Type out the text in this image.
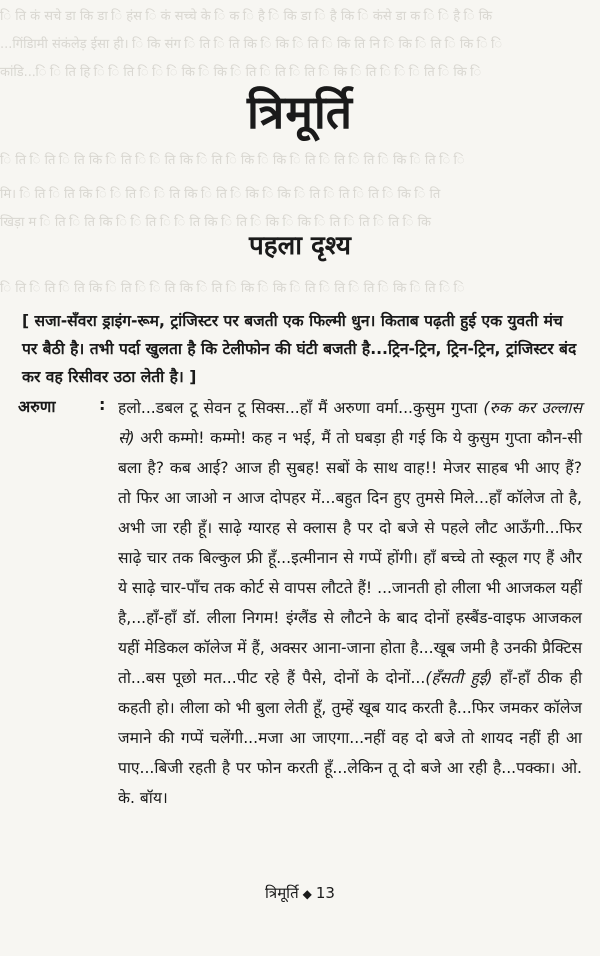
ि ति कं सचे डा कि डा ि हंस ि कं सच्चे के ि क ि है ि कि डा ि है कि ि कंसे डा क ि ि है ि कि
...गिंडिामी संकंलेड़ ईसा ही। ि कि संग ि ति ि ति कि ि कि ि ति ि कि ति नि ि कि ि ति ि कि ि ि
कांडि...ि ि ति हि ि ि ति ि ि ि कि ि कि ि ति ि ति ि ति ि कि ि ति ि ि ि ति ि कि ि
ि ति ि ति ि ति कि ि ति ि ि ति कि ि ति ि कि ि कि ि ति ि ति ि ति ि कि ि ति ि ि
मि। ि ति ि ति कि ि ि ति ि ि ति कि ि ति ि कि ि कि ि ति ि ति ि ति ि कि ि ति
खिड़ा म ि ति ि ति कि ि ि ति ि ि ति कि ि ति ि कि ि कि ि ति ि ति ि ति ि कि
ि ति ि ति ि ति कि ि ति ि ि ति कि ि ति ि कि ि कि ि ति ि ति ि ति ि कि ि ति ि ि
त्रिमूर्ति
पहला दृश्य
[ सजा-सँवरा ड्राइंग-रूम, ट्रांजिस्टर पर बजती एक फिल्मी धुन। किताब पढ़ती हुई एक युवती मंच पर बैठी है। तभी पर्दा खुलता है कि टेलीफोन की घंटी बजती है...ट्रिन-ट्रिन, ट्रिन-ट्रिन, ट्रांजिस्टर बंद कर वह रिसीवर उठा लेती है। ]
अरुणा	: हलो...डबल टू सेवन टू सिक्स...हाँ मैं अरुणा वर्मा...कुसुम गुप्ता (रुक कर उल्लास से) अरी कम्मो! कम्मो! कह न भई, मैं तो घबड़ा ही गई कि ये कुसुम गुप्ता कौन-सी बला है? कब आई? आज ही सुबह! सबों के साथ वाह!! मेजर साहब भी आए हैं? तो फिर आ जाओ न आज दोपहर में...बहुत दिन हुए तुमसे मिले...हाँ कॉलेज तो है, अभी जा रही हूँ। साढ़े ग्यारह से क्लास है पर दो बजे से पहले लौट आऊँगी...फिर साढ़े चार तक बिल्कुल फ्री हूँ...इत्मीनान से गप्पें होंगी। हाँ बच्चे तो स्कूल गए हैं और ये साढ़े चार-पाँच तक कोर्ट से वापस लौटते हैं! ...जानती हो लीला भी आजकल यहीं है,...हाँ-हाँ डॉ. लीला निगम! इंग्लैंड से लौटने के बाद दोनों हस्बैंड-वाइफ आजकल यहीं मेडिकल कॉलेज में हैं, अक्सर आना-जाना होता है...खूब जमी है उनकी प्रैक्टिस तो...बस पूछो मत...पीट रहे हैं पैसे, दोनों के दोनों...(हँसती हुई) हाँ-हाँ ठीक ही कहती हो। लीला को भी बुला लेती हूँ, तुम्हें खूब याद करती है...फिर जमकर कॉलेज जमाने की गप्पें चलेंगी...मजा आ जाएगा...नहीं वह दो बजे तो शायद नहीं ही आ पाए...बिजी रहती है पर फोन करती हूँ...लेकिन तू दो बजे आ रही है...पक्का। ओ. के. बॉय।
त्रिमूर्ति ◆ 13
